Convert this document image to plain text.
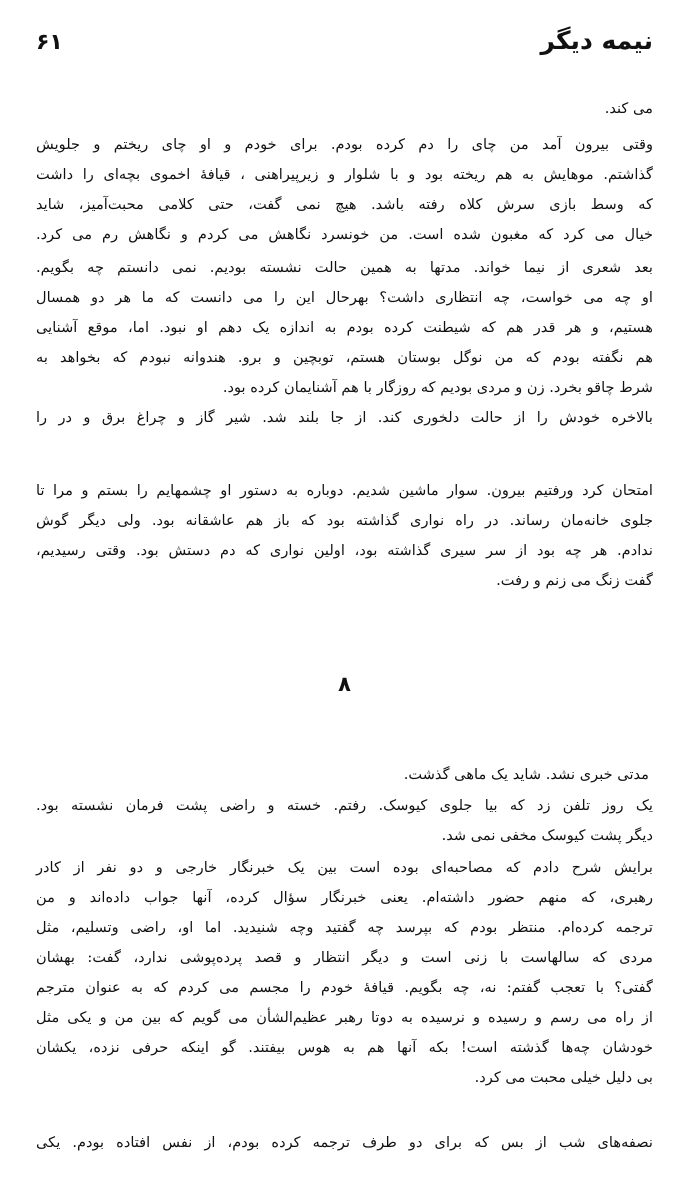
نیمه دیگر
۶۱
می کند.
وقتی بیرون آمد من چای را دم کرده بودم. برای خودم و او چای ریختم و جلویش
گذاشتم. موهایش به هم ریخته بود و با شلوار و زیرپیراهنی ، قیافهٔ اخموی بچه‌ای را داشت
که وسط بازی سرش کلاه رفته باشد. هیچ نمی گفت، حتی کلامی محبت‌آمیز، شاید
خیال می کرد که مغبون شده است. من خونسرد نگاهش می کردم و نگاهش رم می کرد.
بعد شعری از نیما خواند. مدتها به همین حالت نشسته بودیم. نمی دانستم چه بگویم.
او چه می خواست، چه انتظاری داشت؟ بهرحال این را می دانست که ما هر دو همسال
هستیم، و هر قدر هم که شیطنت کرده بودم به اندازه یک دهم او نبود. اما، موقع آشنایی
هم نگفته بودم که من نوگل بوستان هستم، توبچین و برو. هندوانه نبودم که بخواهد به
شرط چاقو بخرد. زن و مردی بودیم که روزگار با هم آشنایمان کرده بود.
بالاخره خودش را از حالت دلخوری کند. از جا بلند شد. شیر گاز و چراغ برق و در را
امتحان کرد ورفتیم بیرون. سوار ماشین شدیم. دوباره به دستور او چشمهایم را بستم و مرا تا
جلوی خانه‌مان رساند. در راه نواری گذاشته بود که باز هم عاشقانه بود. ولی دیگر گوش
ندادم. هر چه بود از سر سیری گذاشته بود، اولین نواری که دم دستش بود. وقتی رسیدیم،
گفت زنگ می زنم و رفت.
۸
مدتی خبری نشد. شاید یک ماهی گذشت.
یک روز تلفن زد که بیا جلوی کیوسک. رفتم. خسته و راضی پشت فرمان نشسته بود.
دیگر پشت کیوسک مخفی نمی شد.
برایش شرح دادم که مصاحبه‌ای بوده است بین یک خبرنگار خارجی و دو نفر از کادر
رهبری، که منهم حضور داشته‌ام. یعنی خبرنگار سؤال کرده، آنها جواب داده‌اند و من
ترجمه کرده‌ام. منتظر بودم که بپرسد چه گفتید وچه شنیدید. اما او، راضی وتسلیم، مثل
مردی که سالهاست با زنی است و دیگر انتظار و قصد پرده‌پوشی ندارد، گفت: بهشان
گفتی؟ با تعجب گفتم: نه، چه بگویم. قیافهٔ خودم را مجسم می کردم که به عنوان مترجم
از راه می رسم و رسیده و نرسیده به دوتا رهبر عظیم‌الشأن می گویم که بین من و یکی مثل
خودشان چه‌ها گذشته است! بکه آنها هم به هوس بیفتند. گو اینکه حرفی نزده، یکشان
بی دلیل خیلی محبت می کرد.
نصفه‌های شب از بس که برای دو طرف ترجمه کرده بودم، از نفس افتاده بودم. یکی
